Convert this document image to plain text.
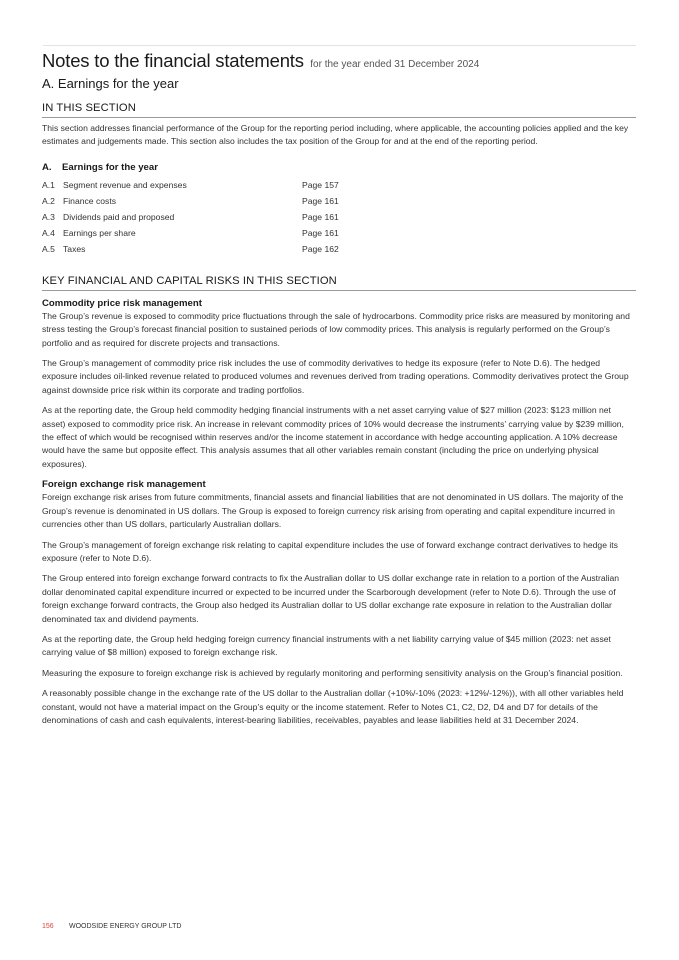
Notes to the financial statements for the year ended 31 December 2024
A. Earnings for the year
IN THIS SECTION

This section addresses financial performance of the Group for the reporting period including, where applicable, the accounting policies applied and the key estimates and judgements made. This section also includes the tax position of the Group for and at the end of the reporting period.

A. Earnings for the year
A.1 Segment revenue and expenses	Page 157
A.2 Finance costs	Page 161
A.3 Dividends paid and proposed	Page 161
A.4 Earnings per share	Page 161
A.5 Taxes	Page 162
KEY FINANCIAL AND CAPITAL RISKS IN THIS SECTION
Commodity price risk management

The Group’s revenue is exposed to commodity price fluctuations through the sale of hydrocarbons. Commodity price risks are measured by monitoring and stress testing the Group’s forecast financial position to sustained periods of low commodity prices. This analysis is regularly performed on the Group’s portfolio and as required for discrete projects and transactions.

The Group’s management of commodity price risk includes the use of commodity derivatives to hedge its exposure (refer to Note D.6). The hedged exposure includes oil-linked revenue related to produced volumes and revenues derived from trading operations. Commodity derivatives protect the Group against downside price risk within its corporate and trading portfolios.

As at the reporting date, the Group held commodity hedging financial instruments with a net asset carrying value of $27 million (2023: $123 million net asset) exposed to commodity price risk. An increase in relevant commodity prices of 10% would decrease the instruments’ carrying value by $239 million, the effect of which would be recognised within reserves and/or the income statement in accordance with hedge accounting application. A 10% decrease would have the same but opposite effect. This analysis assumes that all other variables remain constant (including the price on underlying physical exposures).

Foreign exchange risk management

Foreign exchange risk arises from future commitments, financial assets and financial liabilities that are not denominated in US dollars. The majority of the Group’s revenue is denominated in US dollars. The Group is exposed to foreign currency risk arising from operating and capital expenditure incurred in currencies other than US dollars, particularly Australian dollars.

The Group’s management of foreign exchange risk relating to capital expenditure includes the use of forward exchange contract derivatives to hedge its exposure (refer to Note D.6).

The Group entered into foreign exchange forward contracts to fix the Australian dollar to US dollar exchange rate in relation to a portion of the Australian dollar denominated capital expenditure incurred or expected to be incurred under the Scarborough development (refer to Note D.6). Through the use of foreign exchange forward contracts, the Group also hedged its Australian dollar to US dollar exchange rate exposure in relation to the Australian dollar denominated tax and dividend payments.

As at the reporting date, the Group held hedging foreign currency financial instruments with a net liability carrying value of $45 million (2023: net asset carrying value of $8 million) exposed to foreign exchange risk.

Measuring the exposure to foreign exchange risk is achieved by regularly monitoring and performing sensitivity analysis on the Group’s financial position.

A reasonably possible change in the exchange rate of the US dollar to the Australian dollar (+10%/-10% (2023: +12%/-12%)), with all other variables held constant, would not have a material impact on the Group’s equity or the income statement. Refer to Notes C1, C2, D2, D4 and D7 for details of the denominations of cash and cash equivalents, interest-bearing liabilities, receivables, payables and lease liabilities held at 31 December 2024.

156	WOODSIDE ENERGY GROUP LTD
